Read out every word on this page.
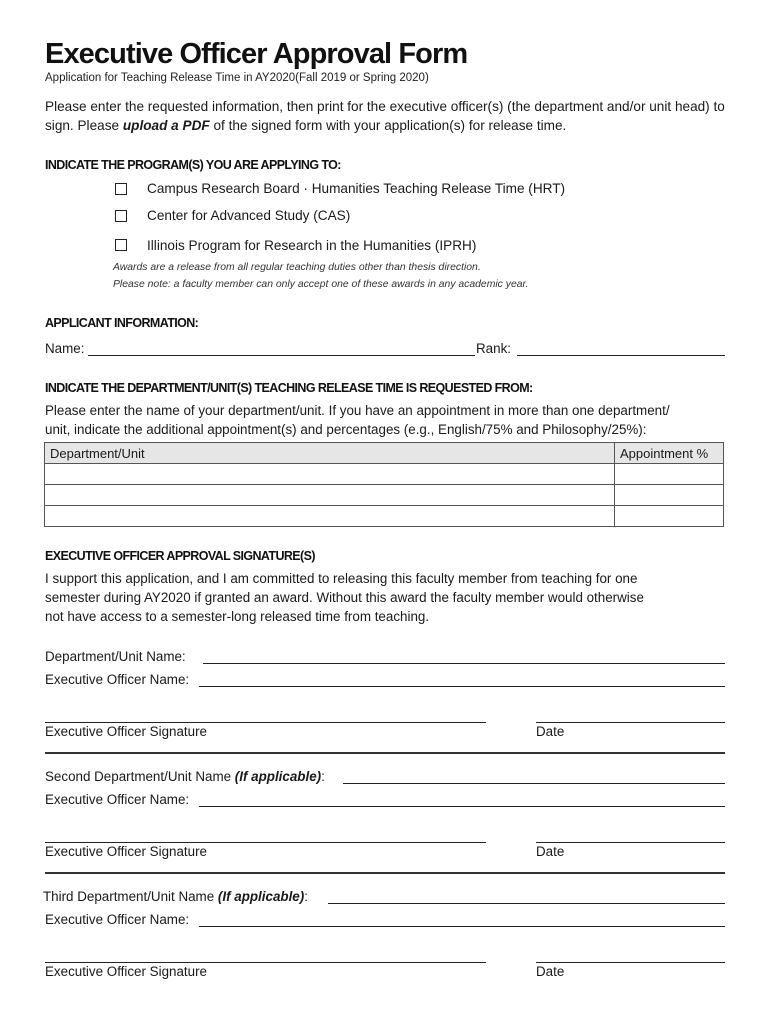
Executive Officer Approval Form
Application for Teaching Release Time in AY2020(Fall 2019 or Spring 2020)
Please enter the requested information, then print for the executive officer(s) (the department and/or unit head) to sign. Please upload a PDF of the signed form with your application(s) for release time.
INDICATE THE PROGRAM(S) YOU ARE APPLYING TO:
Campus Research Board · Humanities Teaching Release Time (HRT)
Center for Advanced Study (CAS)
Illinois Program for Research in the Humanities (IPRH)
Awards are a release from all regular teaching duties other than thesis direction.
Please note: a faculty member can only accept one of these awards in any academic year.
APPLICANT INFORMATION:
Name:	Rank:
INDICATE THE DEPARTMENT/UNIT(S) TEACHING RELEASE TIME IS REQUESTED FROM:
Please enter the name of your department/unit. If you have an appointment in more than one department/
unit, indicate the additional appointment(s) and percentages (e.g., English/75% and Philosophy/25%):
Department/Unit	Appointment %

EXECUTIVE OFFICER APPROVAL SIGNATURE(S)
I support this application, and I am committed to releasing this faculty member from teaching for one
semester during AY2020 if granted an award. Without this award the faculty member would otherwise
not have access to a semester-long released time from teaching.
Department/Unit Name:
Executive Officer Name:
Executive Officer Signature	Date
Second Department/Unit Name (If applicable):
Executive Officer Name:
Executive Officer Signature	Date
Third Department/Unit Name (If applicable):
Executive Officer Name:
Executive Officer Signature	Date
